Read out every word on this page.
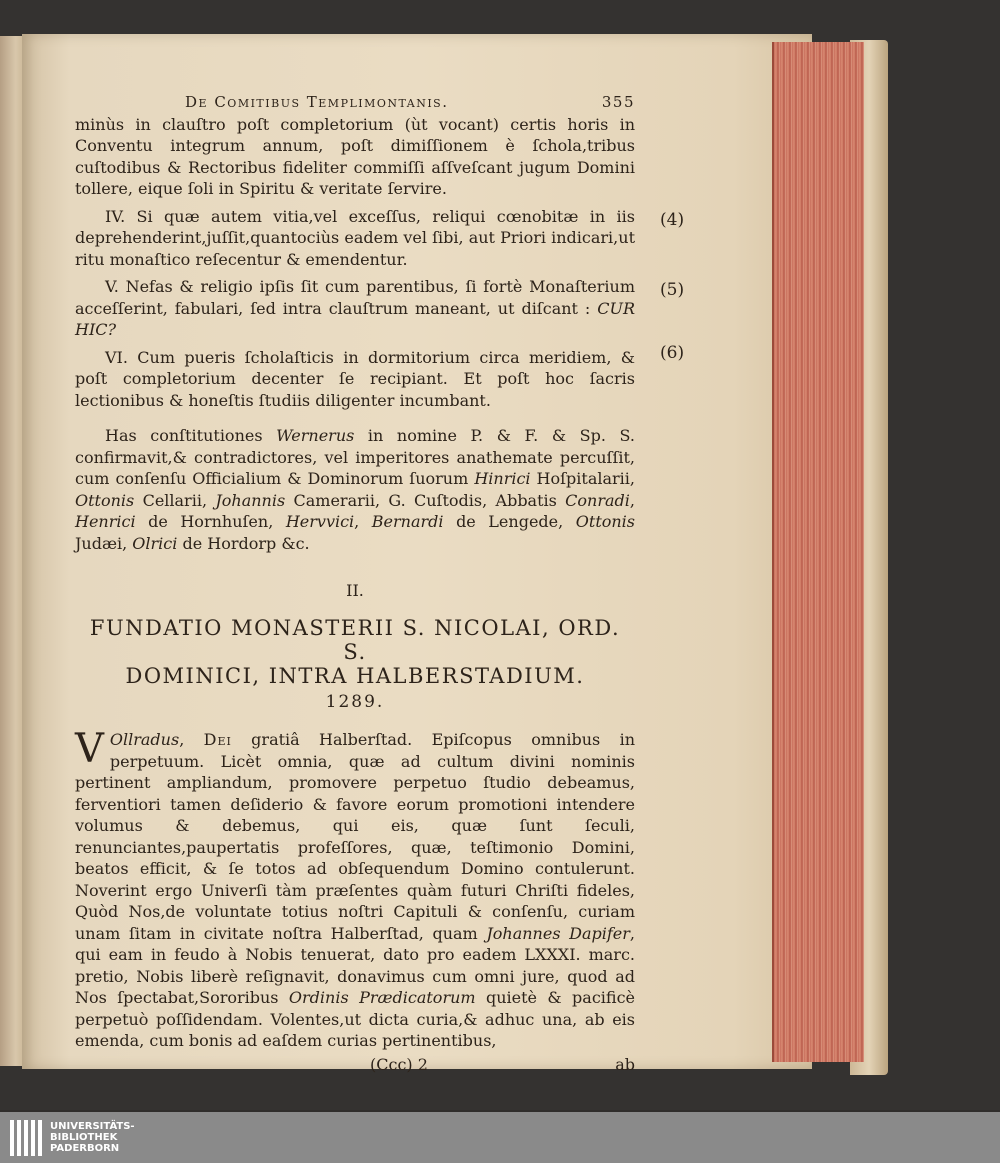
De Comitibus Templimontanis.	355

minùs in clauſtro poſt completorium (ùt vocant) certis horis in Conventu integrum annum, poſt dimiſſionem è ſchola,tribus cuſtodibus & Rectoribus fideliter commiſſi aſſveſcant jugum Domini tollere, eique ſoli in Spiritu & veritate ſervire.

IV. Si quæ autem vitia,vel exceſſus, reliqui cœnobitæ in iis deprehenderint,juſſit,quantociùs eadem vel ſibi, aut Priori indicari,ut ritu monaſtico reſecentur & emendentur.

V. Nefas & religio ipſis ſit cum parentibus, ſi fortè Monaſterium acceſſerint, fabulari, ſed intra clauſtrum maneant, ut diſcant : CUR HIC?

VI. Cum pueris ſcholaſticis in dormitorium circa meridiem, & poſt completorium decenter ſe recipiant. Et poſt hoc ſacris lectionibus & honeſtis ſtudiis diligenter incumbant.

Has conſtitutiones Wernerus in nomine P. & F. & Sp. S. confirmavit,& contradictores, vel imperitores anathemate percuſſit, cum conſenſu Officialium & Dominorum ſuorum Hinrici Hoſpitalarii, Ottonis Cellarii, Johannis Camerarii, G. Cuſtodis, Abbatis Conradi, Henrici de Hornhuſen, Hervvici, Bernardi de Lengede, Ottonis Judæi, Olrici de Hordorp &c.

II.
FUNDATIO MONASTERII S. NICOLAI, ORD. S.
DOMINICI, INTRA HALBERSTADIUM.
1289.

V Ollradus, Dei gratiâ Halberſtad. Epiſcopus omnibus in perpetuum. Licèt omnia, quæ ad cultum divini nominis pertinent ampliandum, promovere perpetuo ſtudio debeamus, ferventiori tamen deſiderio & favore eorum promotioni intendere volumus & debemus, qui eis, quæ ſunt ſeculi, renunciantes,paupertatis profeſſores, quæ, teſtimonio Domini, beatos efficit, & ſe totos ad obſequendum Domino contulerunt. Noverint ergo Univerſi tàm præſentes quàm futuri Chriſti fideles, Quòd Nos,de voluntate totius noſtri Capituli & conſenſu, curiam unam ſitam in civitate noſtra Halberſtad, quam Johannes Dapifer, qui eam in feudo à Nobis tenuerat, dato pro eadem LXXXI. marc. pretio, Nobis liberè reſignavit, donavimus cum omni jure, quod ad Nos ſpectabat,Sororibus Ordinis Prædicatorum quietè & pacificè perpetuò poſſidendam. Volentes,ut dicta curia,& adhuc una, ab eis emenda, cum bonis ad eaſdem curias pertinentibus,

(Ccc) 2	ab
(4)
(5)
(6)
UNIVERSITÄTS-
BIBLIOTHEK
PADERBORN
